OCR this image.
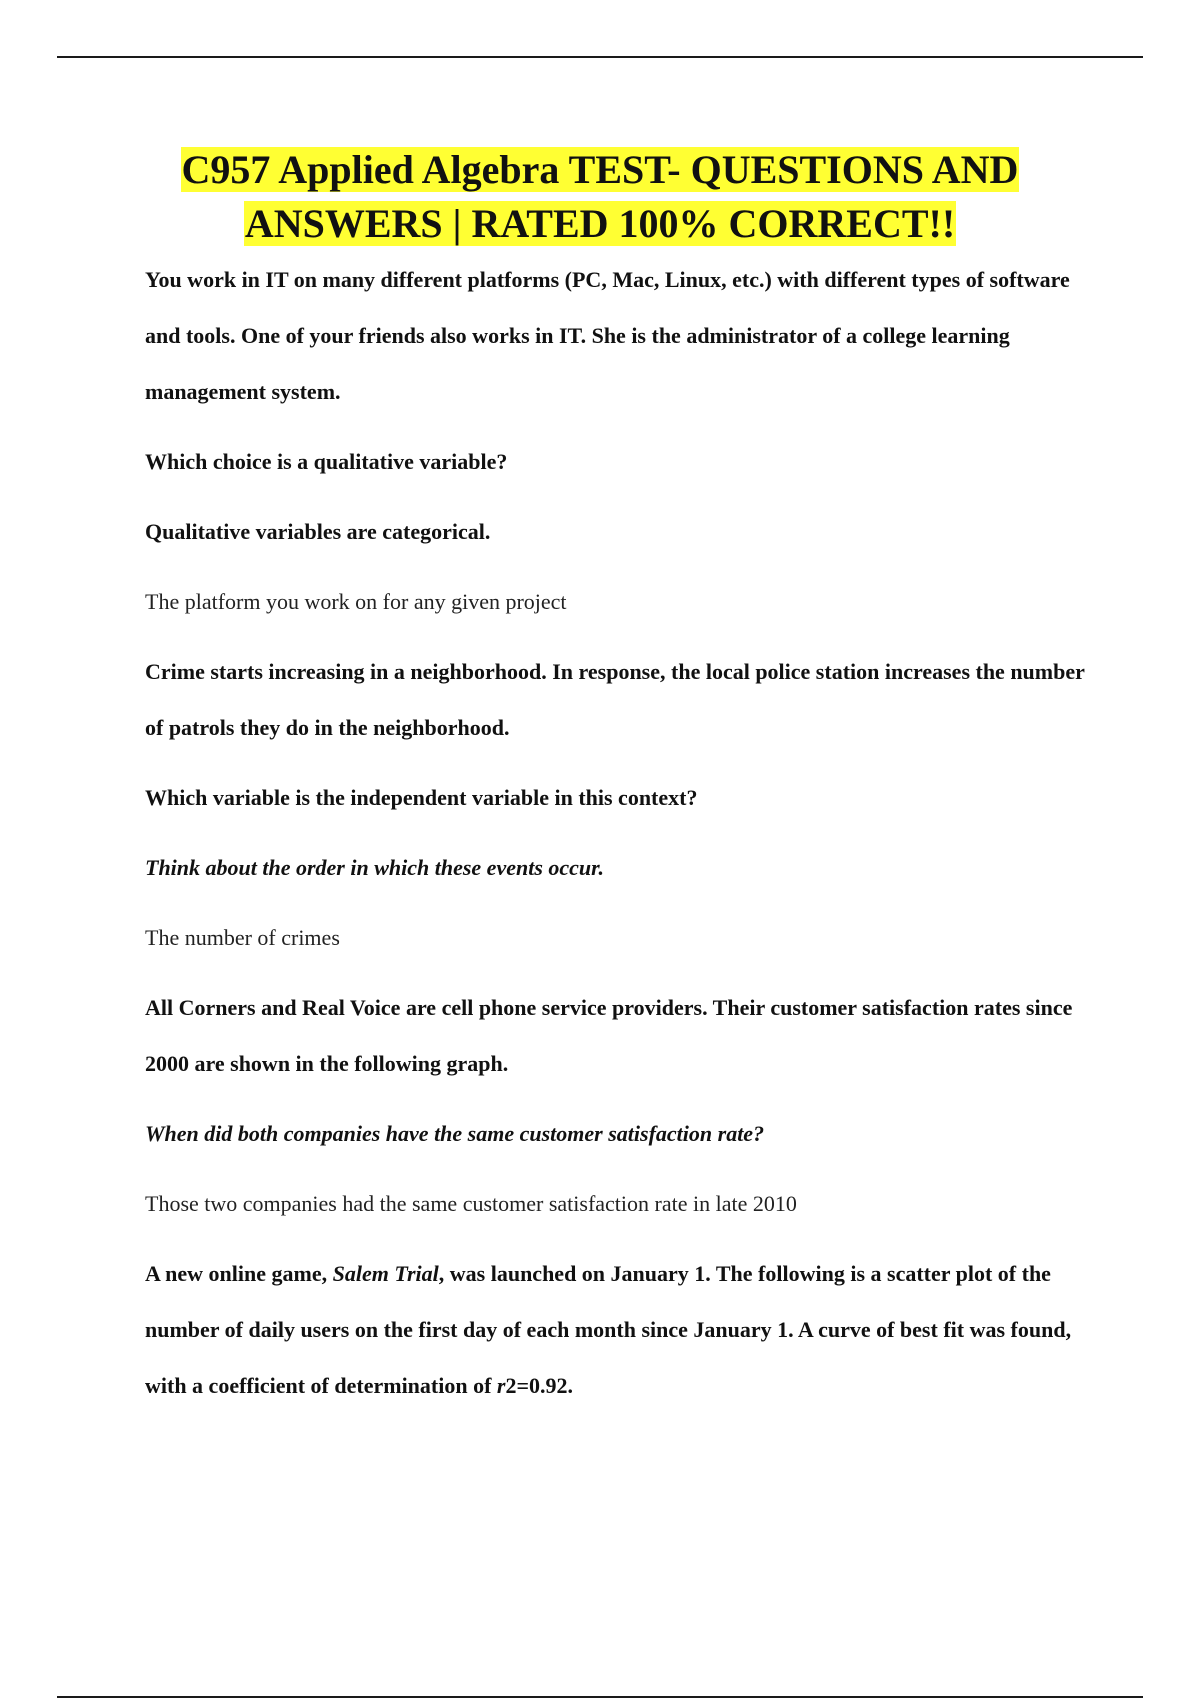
C957 Applied Algebra TEST- QUESTIONS AND
ANSWERS | RATED 100% CORRECT!!

You work in IT on many different platforms (PC, Mac, Linux, etc.) with different types of software and tools. One of your friends also works in IT. She is the administrator of a college learning management system.

Which choice is a qualitative variable?

Qualitative variables are categorical.

The platform you work on for any given project

Crime starts increasing in a neighborhood. In response, the local police station increases the number of patrols they do in the neighborhood.

Which variable is the independent variable in this context?

Think about the order in which these events occur.

The number of crimes

All Corners and Real Voice are cell phone service providers. Their customer satisfaction rates since 2000 are shown in the following graph.

When did both companies have the same customer satisfaction rate?

Those two companies had the same customer satisfaction rate in late 2010

A new online game, Salem Trial, was launched on January 1. The following is a scatter plot of the number of daily users on the first day of each month since January 1. A curve of best fit was found, with a coefficient of determination of r2=0.92.
